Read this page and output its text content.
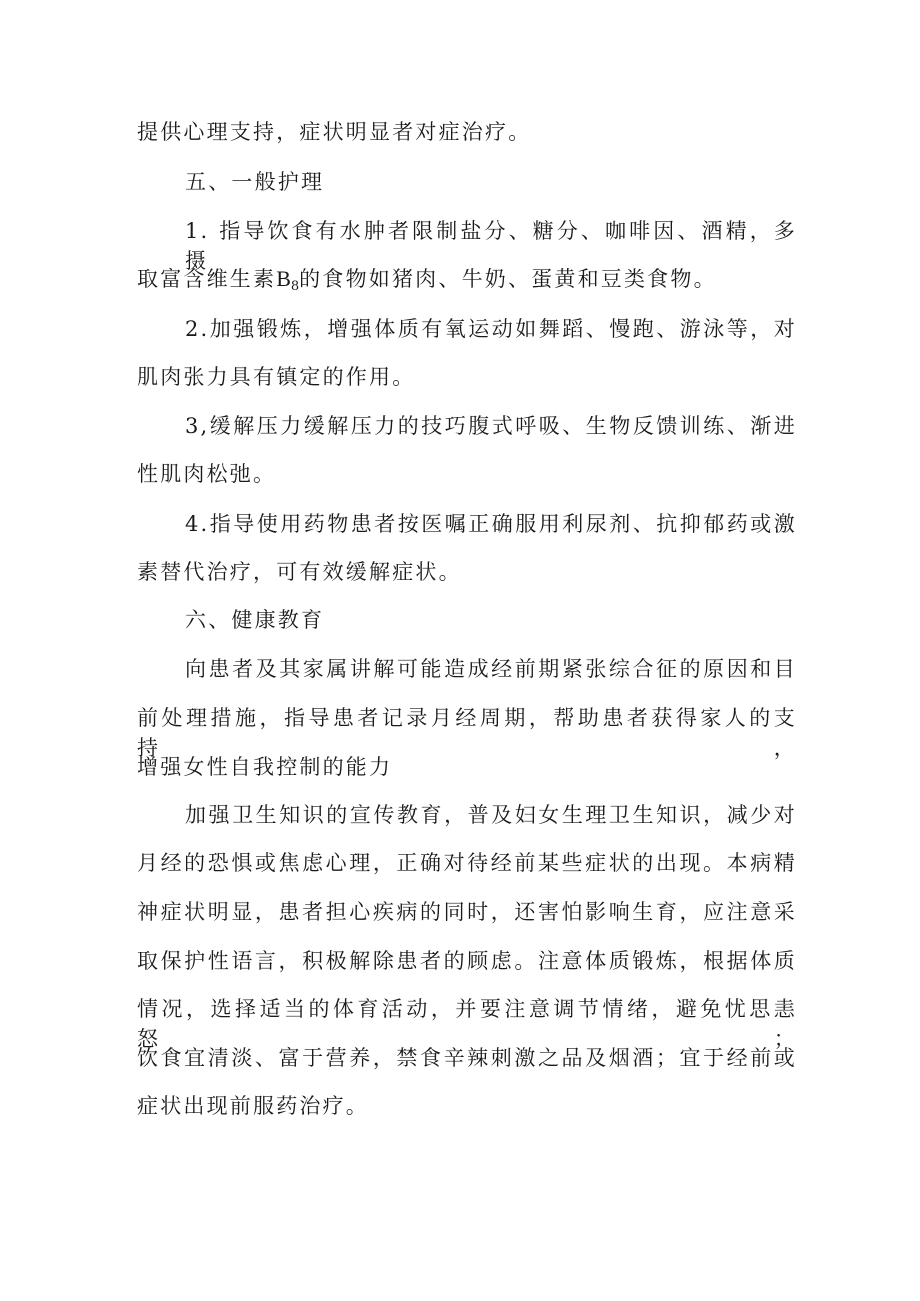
提供心理支持，症状明显者对症治疗。

五、一般护理

1. 指导饮食有水肿者限制盐分、糖分、咖啡因、酒精，多摄

取富含维生素$B_8$的食物如猪肉、牛奶、蛋黄和豆类食物。

2.加强锻炼，增强体质有氧运动如舞蹈、慢跑、游泳等，对

肌肉张力具有镇定的作用。

3,缓解压力缓解压力的技巧腹式呼吸、生物反馈训练、渐进

性肌肉松弛。

4.指导使用药物患者按医嘱正确服用利尿剂、抗抑郁药或激

素替代治疗，可有效缓解症状。

六、健康教育

向患者及其家属讲解可能造成经前期紧张综合征的原因和目

前处理措施，指导患者记录月经周期，帮助患者获得家人的支持，

增强女性自我控制的能力

加强卫生知识的宣传教育，普及妇女生理卫生知识，减少对

月经的恐惧或焦虑心理，正确对待经前某些症状的出现。本病精

神症状明显，患者担心疾病的同时，还害怕影响生育，应注意采

取保护性语言，积极解除患者的顾虑。注意体质锻炼，根据体质

情况，选择适当的体育活动，并要注意调节情绪，避免忧思恚怒；

饮食宜清淡、富于营养，禁食辛辣刺激之品及烟酒；宜于经前或

症状出现前服药治疗。
